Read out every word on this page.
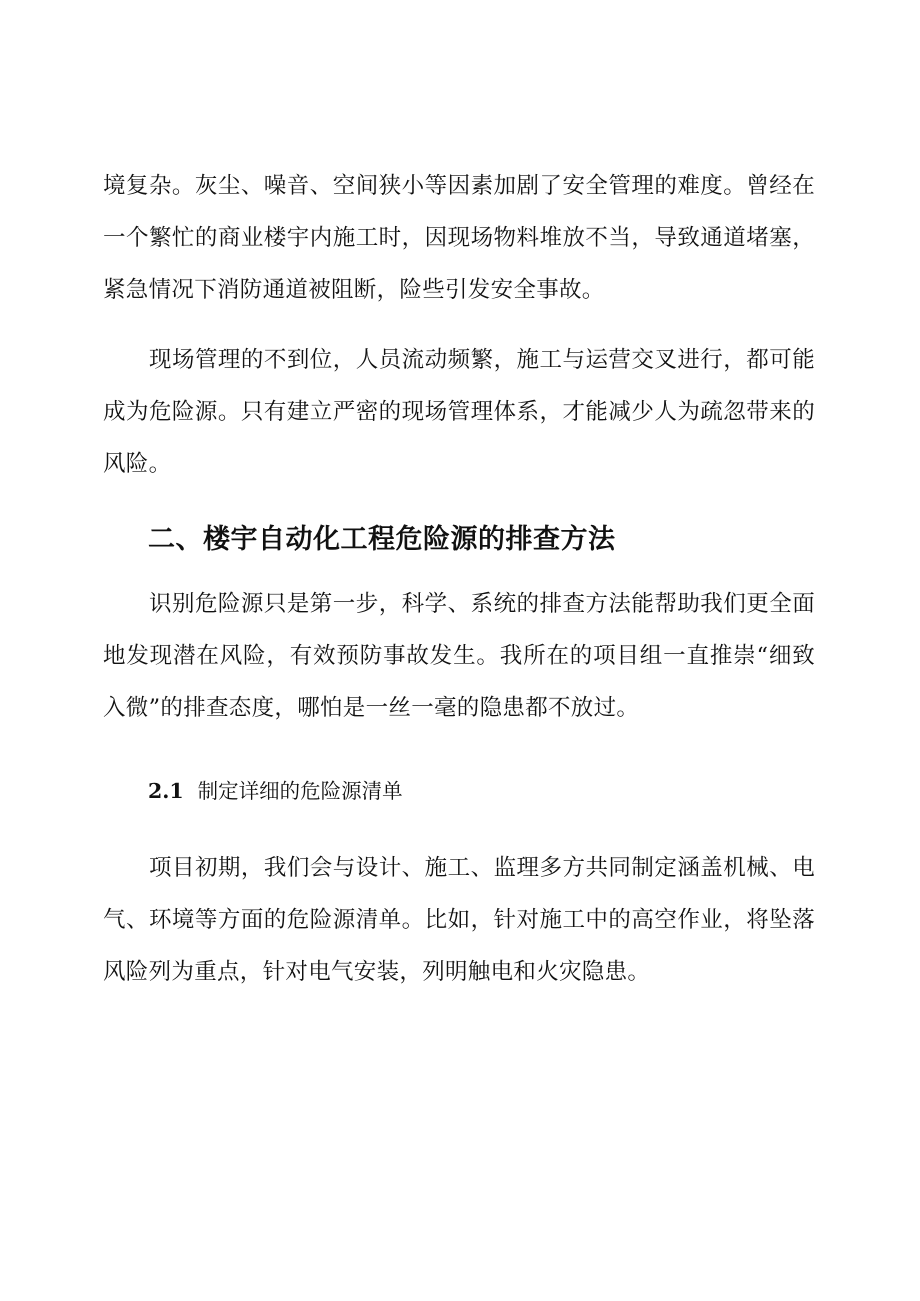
境复杂。灰尘、噪音、空间狭小等因素加剧了安全管理的难度。曾经在一个繁忙的商业楼宇内施工时，因现场物料堆放不当，导致通道堵塞，紧急情况下消防通道被阻断，险些引发安全事故。

现场管理的不到位，人员流动频繁，施工与运营交叉进行，都可能成为危险源。只有建立严密的现场管理体系，才能减少人为疏忽带来的风险。

二、楼宇自动化工程危险源的排查方法

识别危险源只是第一步，科学、系统的排查方法能帮助我们更全面地发现潜在风险，有效预防事故发生。我所在的项目组一直推崇“细致入微”的排查态度，哪怕是一丝一毫的隐患都不放过。

2.1 制定详细的危险源清单

项目初期，我们会与设计、施工、监理多方共同制定涵盖机械、电气、环境等方面的危险源清单。比如，针对施工中的高空作业，将坠落风险列为重点，针对电气安装，列明触电和火灾隐患。
